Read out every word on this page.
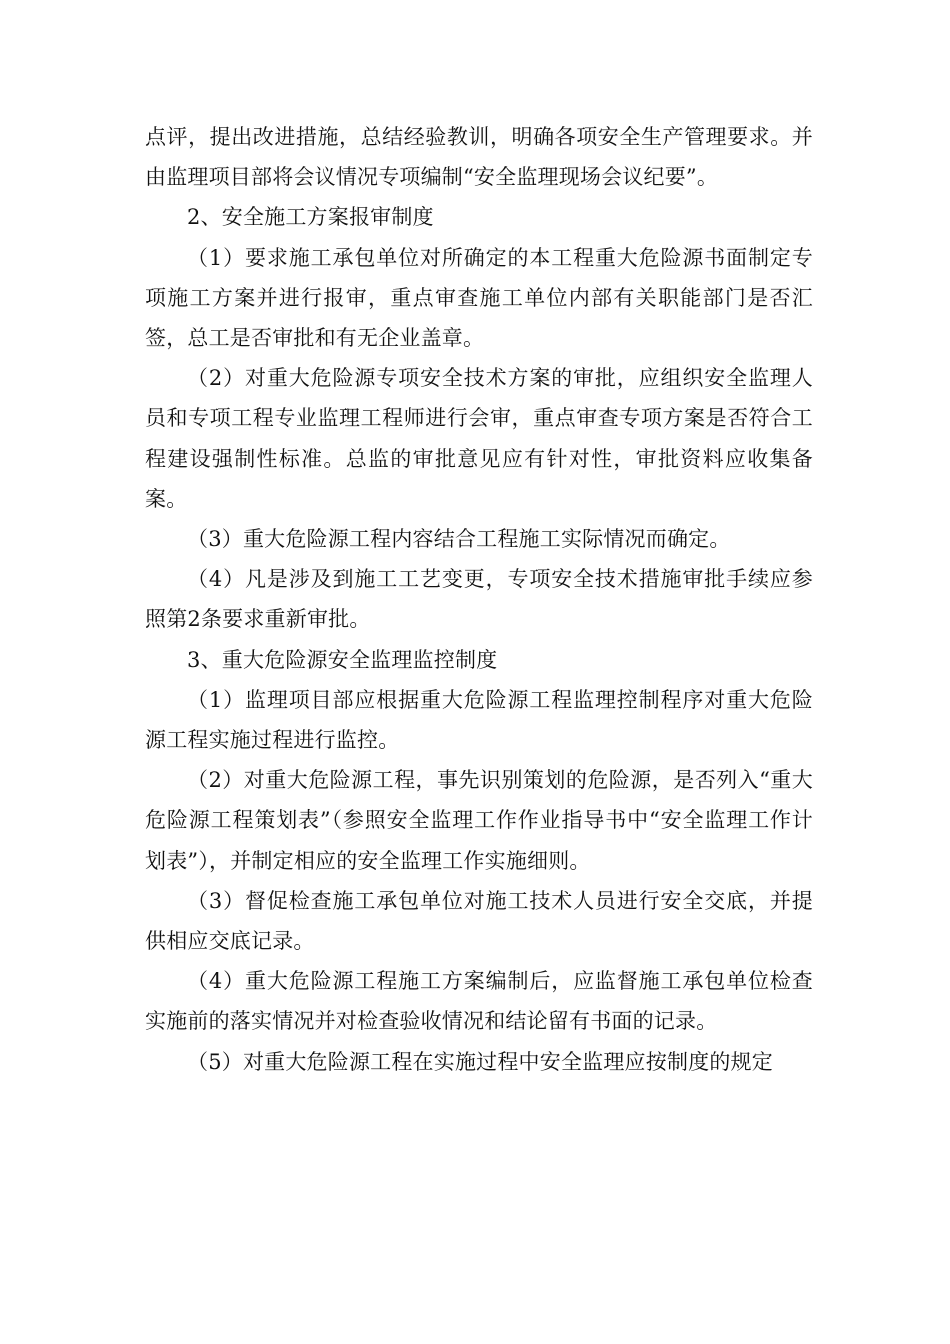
点评，提出改进措施，总结经验教训，明确各项安全生产管理要求。并由监理项目部将会议情况专项编制“安全监理现场会议纪要”。

2、安全施工方案报审制度

（1）要求施工承包单位对所确定的本工程重大危险源书面制定专项施工方案并进行报审，重点审查施工单位内部有关职能部门是否汇签，总工是否审批和有无企业盖章。

（2）对重大危险源专项安全技术方案的审批，应组织安全监理人员和专项工程专业监理工程师进行会审，重点审查专项方案是否符合工程建设强制性标准。总监的审批意见应有针对性，审批资料应收集备案。

（3）重大危险源工程内容结合工程施工实际情况而确定。

（4）凡是涉及到施工工艺变更，专项安全技术措施审批手续应参照第2条要求重新审批。

3、重大危险源安全监理监控制度

（1）监理项目部应根据重大危险源工程监理控制程序对重大危险源工程实施过程进行监控。

（2）对重大危险源工程，事先识别策划的危险源，是否列入“重大危险源工程策划表”（参照安全监理工作作业指导书中“安全监理工作计划表”），并制定相应的安全监理工作实施细则。

（3）督促检查施工承包单位对施工技术人员进行安全交底，并提供相应交底记录。

（4）重大危险源工程施工方案编制后，应监督施工承包单位检查实施前的落实情况并对检查验收情况和结论留有书面的记录。

（5）对重大危险源工程在实施过程中安全监理应按制度的规定
